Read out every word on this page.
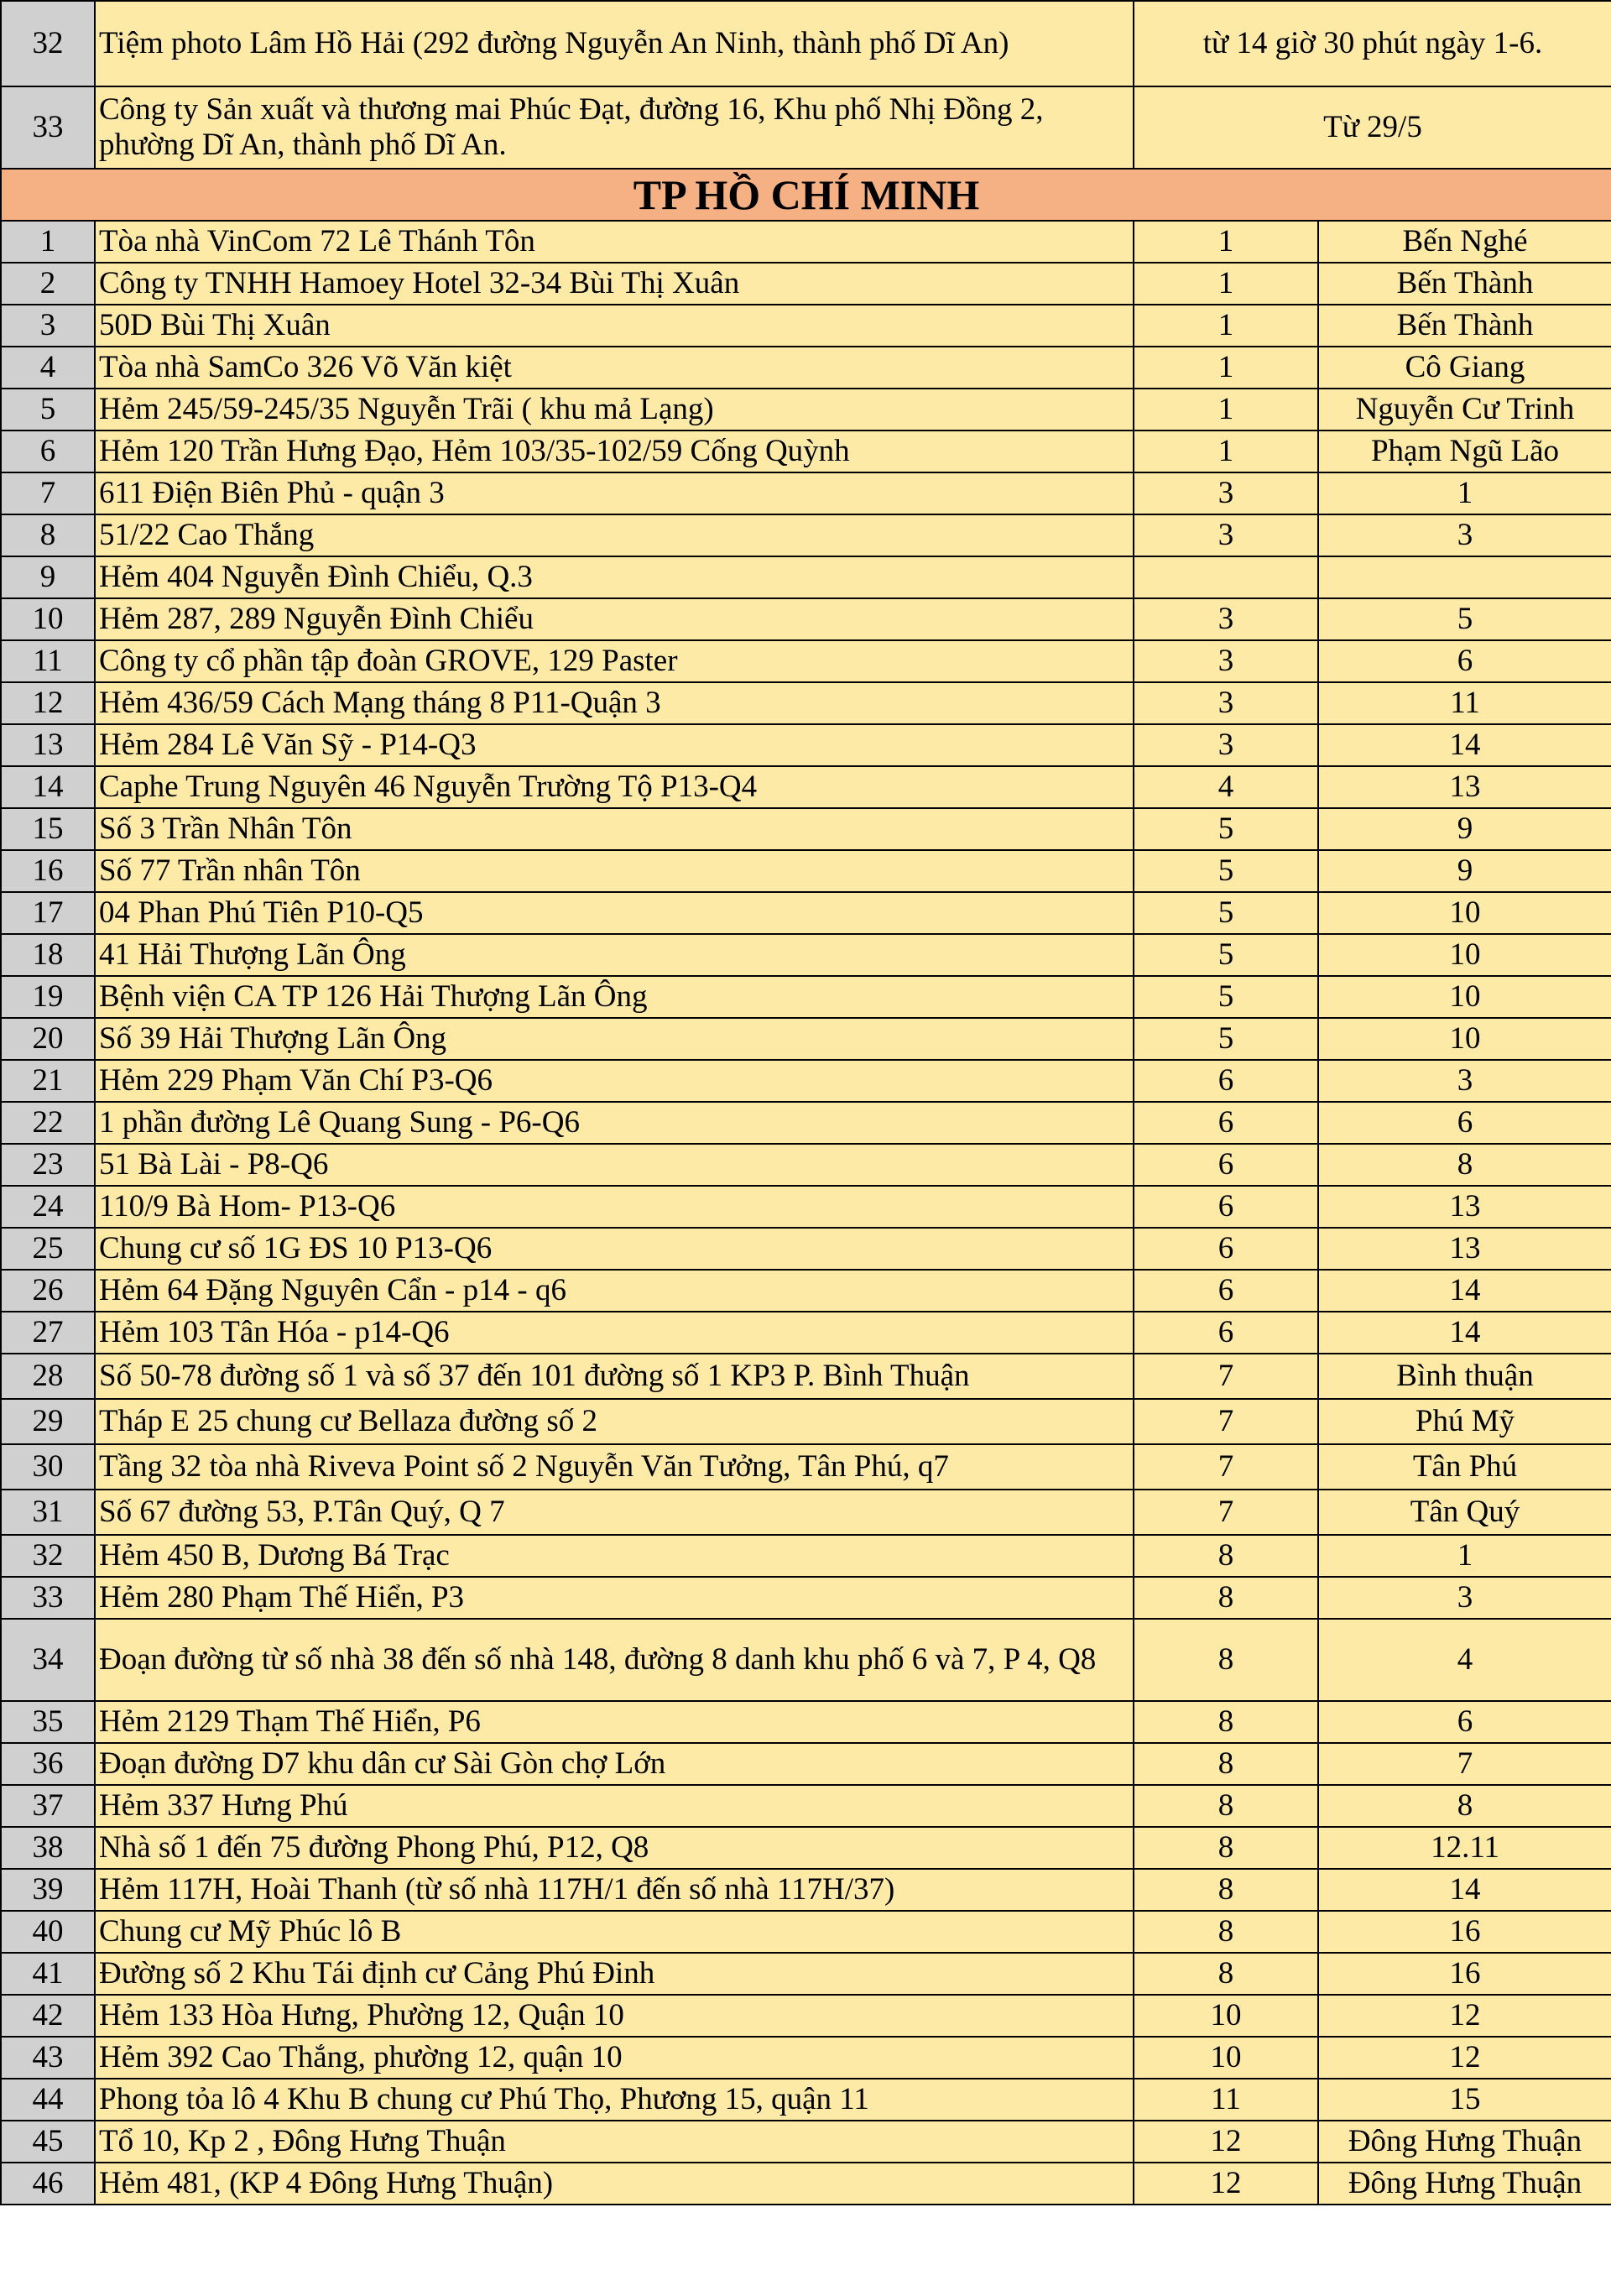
32	Tiệm photo Lâm Hồ Hải (292 đường Nguyễn An Ninh, thành phố Dĩ An)	từ 14 giờ 30 phút ngày 1-6.	
33	Công ty Sản xuất và thương mai Phúc Đạt, đường 16, Khu phố Nhị Đồng 2, phường Dĩ An, thành phố Dĩ An.	Từ 29/5	
TP HỒ CHÍ MINH			
1	Tòa nhà VinCom 72 Lê Thánh Tôn	1	Bến Nghé
2	Công ty TNHH Hamoey Hotel 32-34 Bùi Thị Xuân	1	Bến Thành
3	50D Bùi Thị Xuân	1	Bến Thành
4	Tòa nhà SamCo 326 Võ Văn kiệt	1	Cô Giang
5	Hẻm 245/59-245/35 Nguyễn Trãi ( khu mả Lạng)	1	Nguyễn Cư Trinh
6	Hẻm 120 Trần Hưng Đạo, Hẻm 103/35-102/59 Cống Quỳnh	1	Phạm Ngũ Lão
7	611 Điện Biên Phủ - quận 3	3	1
8	51/22 Cao Thắng	3	3
9	Hẻm 404 Nguyễn Đình Chiểu, Q.3		
10	Hẻm 287, 289 Nguyễn Đình Chiểu	3	5
11	Công ty cổ phần tập đoàn GROVE, 129 Paster	3	6
12	Hẻm 436/59 Cách Mạng tháng 8 P11-Quận 3	3	11
13	Hẻm 284 Lê Văn Sỹ - P14-Q3	3	14
14	Caphe Trung Nguyên 46 Nguyễn Trường Tộ P13-Q4	4	13
15	Số 3 Trần Nhân Tôn	5	9
16	Số 77 Trần nhân Tôn	5	9
17	04 Phan Phú Tiên P10-Q5	5	10
18	41 Hải Thượng Lãn Ông	5	10
19	Bệnh viện CA TP 126 Hải Thượng Lãn Ông	5	10
20	Số 39 Hải Thượng Lãn Ông	5	10
21	Hẻm 229 Phạm Văn Chí P3-Q6	6	3
22	1 phần đường Lê Quang Sung - P6-Q6	6	6
23	51 Bà Lài - P8-Q6	6	8
24	110/9 Bà Hom- P13-Q6	6	13
25	Chung cư số 1G ĐS 10 P13-Q6	6	13
26	Hẻm 64 Đặng Nguyên Cẩn - p14 - q6	6	14
27	Hẻm 103 Tân Hóa - p14-Q6	6	14
28	Số 50-78 đường số 1 và số 37 đến 101 đường số 1 KP3 P. Bình Thuận	7	Bình thuận
29	Tháp E 25 chung cư Bellaza đường số 2	7	Phú Mỹ
30	Tầng 32 tòa nhà Riveva Point số 2 Nguyễn Văn Tưởng, Tân Phú, q7	7	Tân Phú
31	Số 67 đường 53, P.Tân Quý, Q 7	7	Tân Quý
32	Hẻm 450 B, Dương Bá Trạc	8	1
33	Hẻm 280 Phạm Thế Hiển, P3	8	3
34	Đoạn đường từ số nhà 38 đến số nhà 148, đường 8 danh khu phố 6 và 7, P 4, Q8	8	4
35	Hẻm 2129 Thạm Thế Hiển, P6	8	6
36	Đoạn đường D7 khu dân cư Sài Gòn chợ Lớn	8	7
37	Hẻm 337 Hưng Phú	8	8
38	Nhà số 1 đến 75 đường Phong Phú, P12, Q8	8	12.11
39	Hẻm 117H, Hoài Thanh (từ số nhà 117H/1 đến số nhà 117H/37)	8	14
40	Chung cư Mỹ Phúc lô B	8	16
41	Đường số 2 Khu Tái định cư Cảng Phú Đinh	8	16
42	Hẻm 133 Hòa Hưng, Phường 12, Quận 10	10	12
43	Hẻm 392 Cao Thắng, phường 12, quận 10	10	12
44	Phong tỏa lô 4 Khu B chung cư Phú Thọ, Phương 15, quận 11	11	15
45	Tổ 10, Kp 2 , Đông Hưng Thuận	12	Đông Hưng Thuận
46	Hẻm 481, (KP 4 Đông Hưng Thuận)	12	Đông Hưng Thuận
